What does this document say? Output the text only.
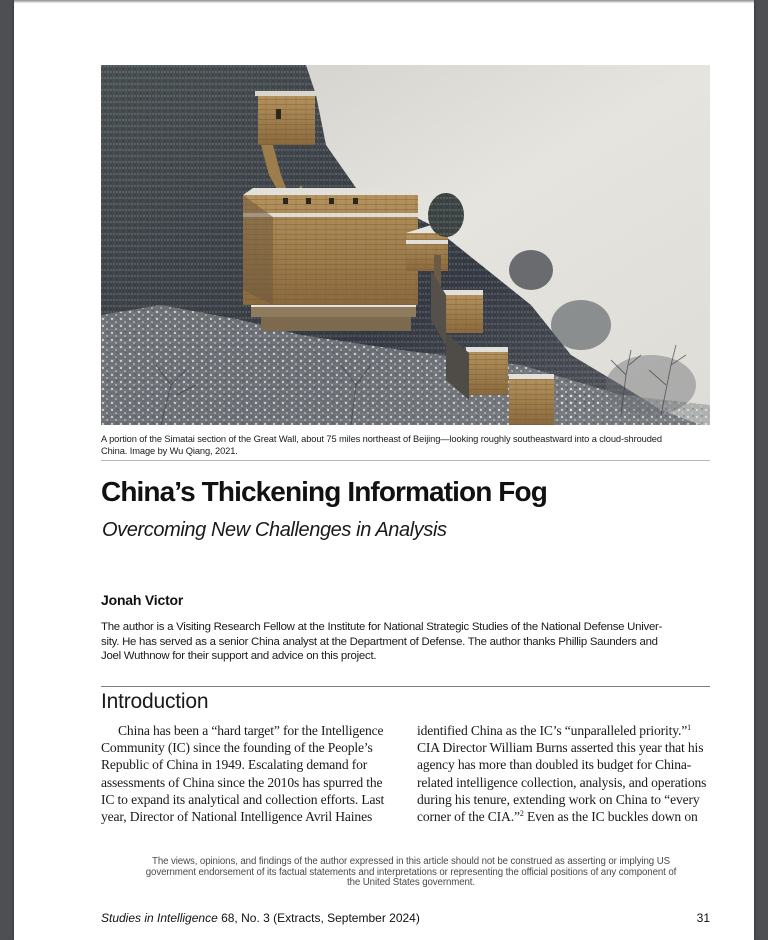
A portion of the Simatai section of the Great Wall, about 75 miles northeast of Beijing—looking roughly southeastward into a cloud-shrouded
China. Image by Wu Qiang, 2021.
China’s Thickening Information Fog
Overcoming New Challenges in Analysis
Jonah Victor
The author is a Visiting Research Fellow at the Institute for National Strategic Studies of the National Defense Univer-
sity. He has served as a senior China analyst at the Department of Defense. The author thanks Phillip Saunders and
Joel Wuthnow for their support and advice on this project.
Introduction
China has been a “hard target” for the Intelligence
Community (IC) since the founding of the People’s
Republic of China in 1949. Escalating demand for
assessments of China since the 2010s has spurred the
IC to expand its analytical and collection efforts. Last
year, Director of National Intelligence Avril Haines
identified China as the IC’s “unparalleled priority.”$^1$
CIA Director William Burns asserted this year that his
agency has more than doubled its budget for China-
related intelligence collection, analysis, and operations
during his tenure, extending work on China to “every
corner of the CIA.”$^2$ Even as the IC buckles down on
The views, opinions, and findings of the author expressed in this article should not be construed as asserting or implying US
government endorsement of its factual statements and interpretations or representing the official positions of any component of
the United States government.
Studies in Intelligence 68, No. 3 (Extracts, September 2024)	31
